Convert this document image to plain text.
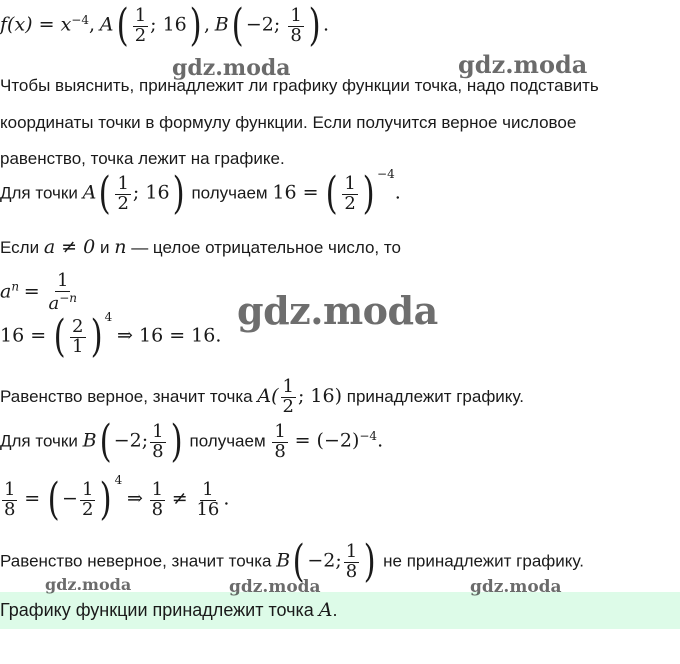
$f(x) = x^{-4}$, $A( \frac{1}{2}$ ; 16) , B( −2; $\frac{1}{8}$ ) .
Чтобы выяснить, принадлежит ли графику функции точка, надо подставить
координаты точки в формулу функции. Если получится верное числовое
равенство, точка лежит на графике.
Для точки $A( \frac{1}{2}$ ; 16) получаем 16 = ( $\frac{1}{2}$ ) $^{-4}$.
Если a ≠ 0 и n — целое отрицательное число, то
$a^n = \frac{1}{a^{-n}}$
16 = ( $\frac{2}{1}$ ) $^4$ ⇒ 16 = 16.
Равенство верное, значит точка $A( \frac{1}{2}$ ; 16) принадлежит графику.
Для точки B( −2; $\frac{1}{8}$ ) получаем $\frac{1}{8} = (-2)^{-4}$.
$\frac{1}{8}$ = ( − $\frac{1}{2}$ ) $^4$ ⇒ $\frac{1}{8} \ne \frac{1}{16}$ .
Равенство неверное, значит точка B( −2; $\frac{1}{8}$ ) не принадлежит графику.
Графику функции принадлежит точка A.
gdz.moda	gdz.moda
gdz.moda
gdz.moda	gdz.moda	gdz.moda
